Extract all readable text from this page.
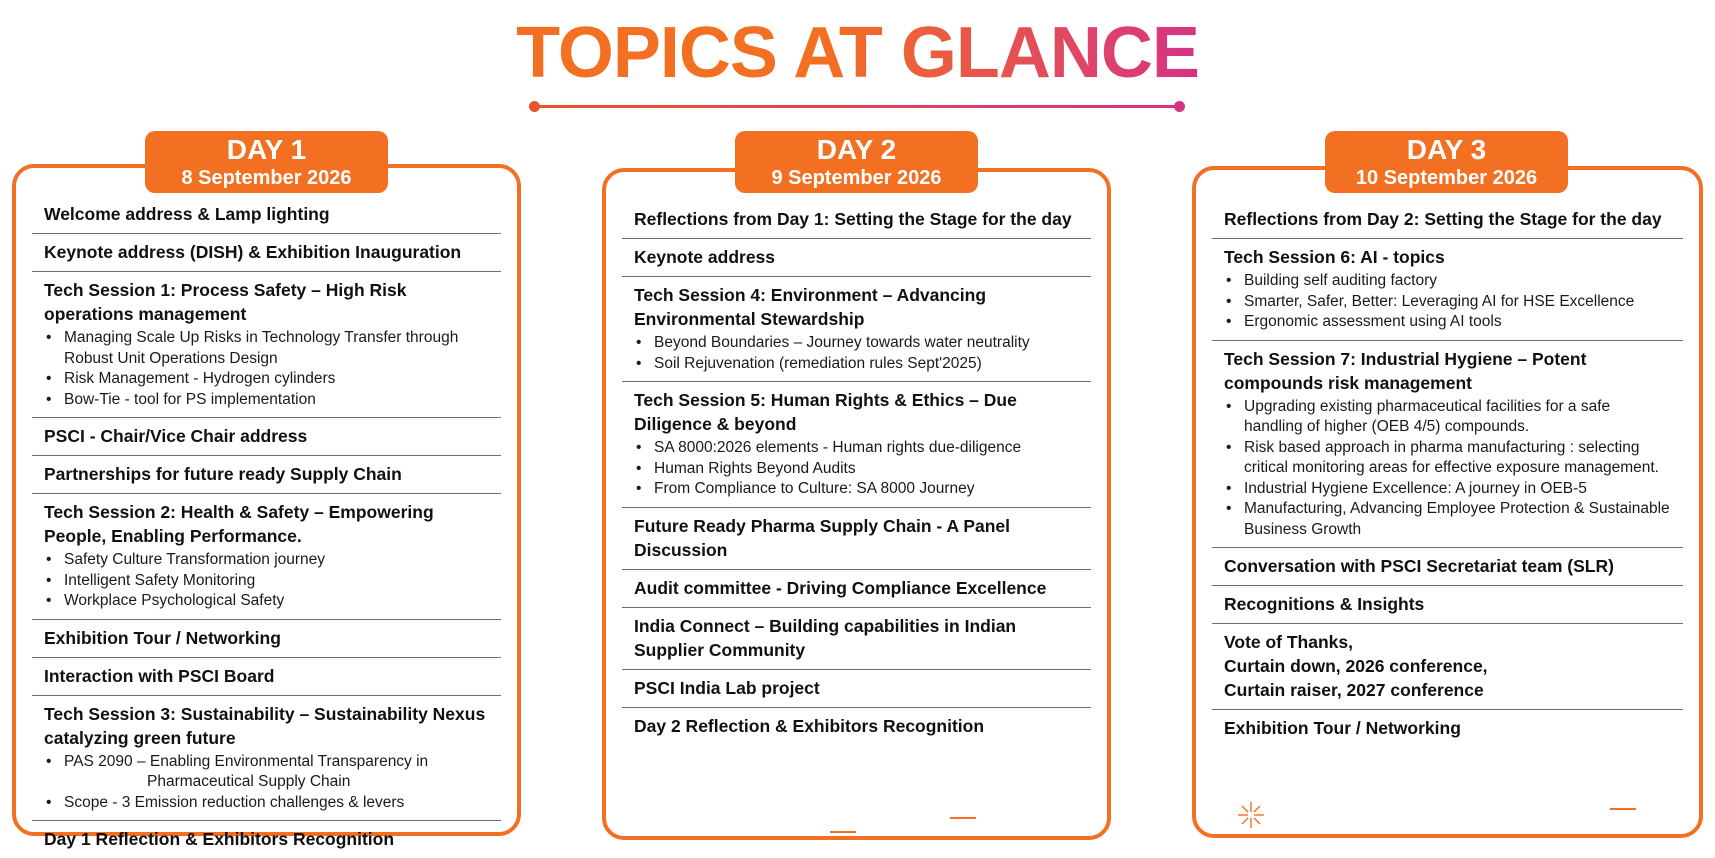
TOPICS AT GLANCE
DAY 1
8 September 2026
Welcome address & Lamp lighting
Keynote address (DISH) & Exhibition Inauguration
Tech Session 1: Process Safety – High Risk operations management
• Managing Scale Up Risks in Technology Transfer through Robust Unit Operations Design
• Risk Management - Hydrogen cylinders
• Bow-Tie - tool for PS implementation
PSCI - Chair/Vice Chair address
Partnerships for future ready Supply Chain
Tech Session 2: Health & Safety – Empowering People, Enabling Performance.
• Safety Culture Transformation journey
• Intelligent Safety Monitoring
• Workplace Psychological Safety
Exhibition Tour / Networking
Interaction with PSCI Board
Tech Session 3: Sustainability – Sustainability Nexus catalyzing green future
• PAS 2090 – Enabling Environmental Transparency in
Pharmaceutical Supply Chain
• Scope - 3 Emission reduction challenges & levers
Day 1 Reflection & Exhibitors Recognition
DAY 2
9 September 2026
Reflections from Day 1: Setting the Stage for the day
Keynote address
Tech Session 4: Environment – Advancing Environmental Stewardship
• Beyond Boundaries – Journey towards water neutrality
• Soil Rejuvenation (remediation rules Sept'2025)
Tech Session 5: Human Rights & Ethics – Due Diligence & beyond
• SA 8000:2026 elements - Human rights due-diligence
• Human Rights Beyond Audits
• From Compliance to Culture: SA 8000 Journey
Future Ready Pharma Supply Chain - A Panel Discussion
Audit committee - Driving Compliance Excellence
India Connect – Building capabilities in Indian Supplier Community
PSCI India Lab project
Day 2 Reflection & Exhibitors Recognition
DAY 3
10 September 2026
Reflections from Day 2: Setting the Stage for the day
Tech Session 6: AI - topics
• Building self auditing factory
• Smarter, Safer, Better: Leveraging AI for HSE Excellence
• Ergonomic assessment using AI tools
Tech Session 7: Industrial Hygiene – Potent compounds risk management
• Upgrading existing pharmaceutical facilities for a safe handling of higher (OEB 4/5) compounds.
• Risk based approach in pharma manufacturing : selecting critical monitoring areas for effective exposure management.
• Industrial Hygiene Excellence: A journey in OEB-5
• Manufacturing, Advancing Employee Protection & Sustainable Business Growth
Conversation with PSCI Secretariat team (SLR)
Recognitions & Insights
Vote of Thanks,
Curtain down, 2026 conference,
Curtain raiser, 2027 conference
Exhibition Tour / Networking
